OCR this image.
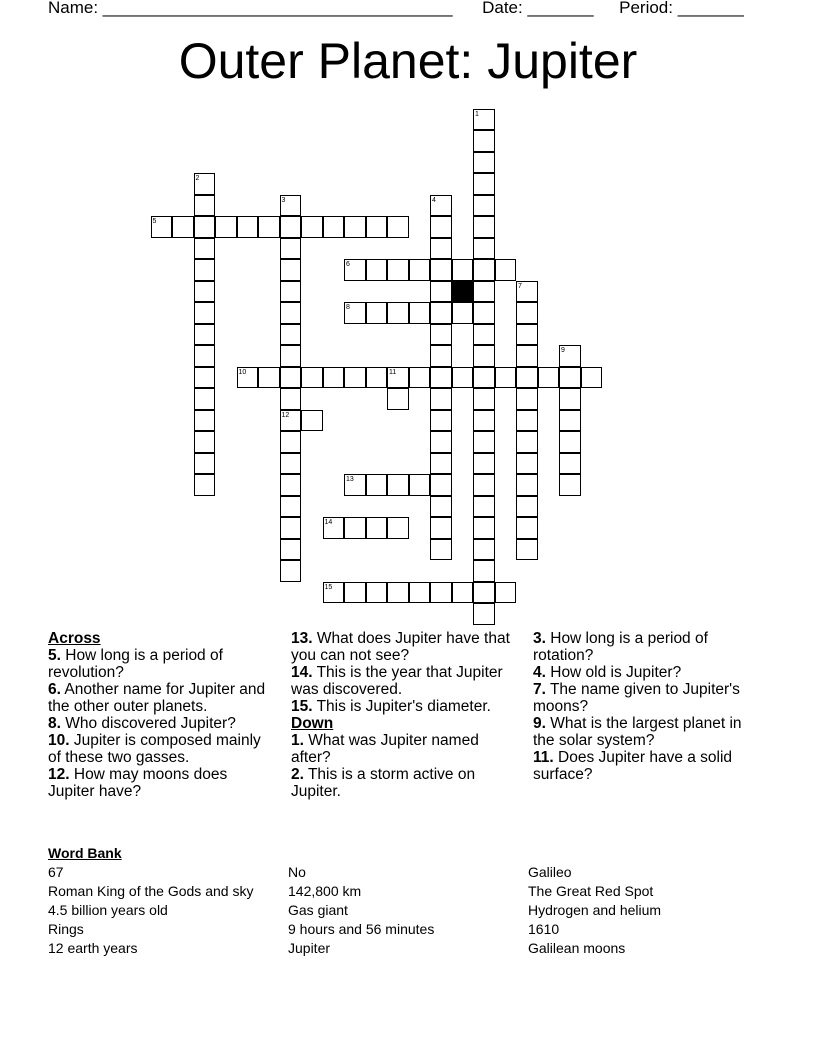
Name: _____________________________________ Date: _______ Period: _______
Outer Planet: Jupiter
1
2
3	4
5
6
7
8
9
10	11
12
13
14
15
Across
5. How long is a period of revolution?
6. Another name for Jupiter and the other outer planets.
8. Who discovered Jupiter?
10. Jupiter is composed mainly of these two gasses.
12. How may moons does Jupiter have?
13. What does Jupiter have that you can not see?
14. This is the year that Jupiter was discovered.
15. This is Jupiter's diameter.
Down
1. What was Jupiter named after?
2. This is a storm active on Jupiter.
3. How long is a period of rotation?
4. How old is Jupiter?
7. The name given to Jupiter's moons?
9. What is the largest planet in the solar system?
11. Does Jupiter have a solid surface?
Word Bank
67	No	Galileo
Roman King of the Gods and sky 142,800 km	The Great Red Spot
4.5 billion years old	Gas giant	Hydrogen and helium
Rings	9 hours and 56 minutes	1610
12 earth years	Jupiter	Galilean moons
